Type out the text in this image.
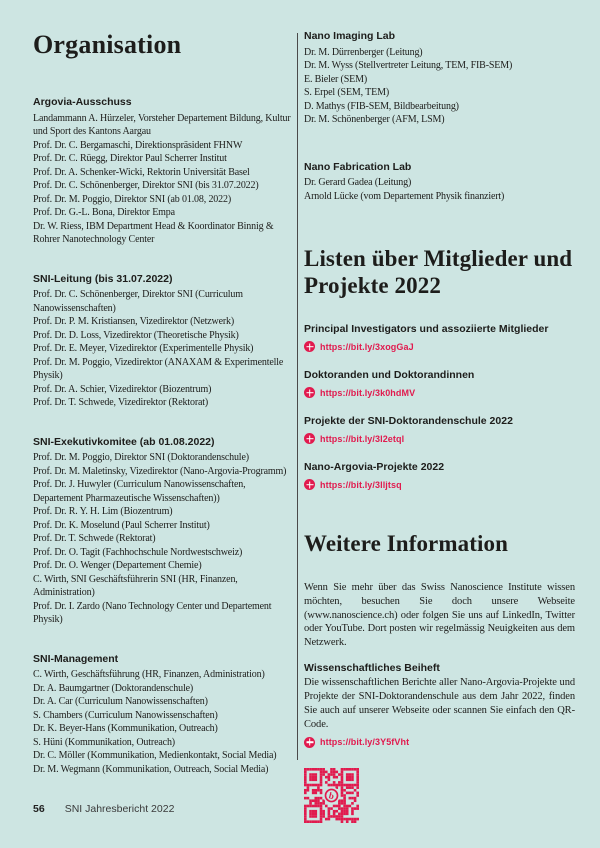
Organisation
Argovia-Ausschuss
Landammann A. Hürzeler, Vorsteher Departement Bildung, Kultur und Sport des Kantons Aargau
Prof. Dr. C. Bergamaschi, Direktionspräsident FHNW
Prof. Dr. C. Rüegg, Direktor Paul Scherrer Institut
Prof. Dr. A. Schenker-Wicki, Rektorin Universität Basel
Prof. Dr. C. Schönenberger, Direktor SNI (bis 31.07.2022)
Prof. Dr. M. Poggio, Direktor SNI (ab 01.08, 2022)
Prof. Dr. G.-L. Bona, Direktor Empa
Dr. W. Riess, IBM Department Head & Koordinator Binnig & Rohrer Nanotechnology Center
SNI-Leitung (bis 31.07.2022)
Prof. Dr. C. Schönenberger, Direktor SNI (Curriculum Nanowissenschaften)
Prof. Dr. P. M. Kristiansen, Vizedirektor (Netzwerk)
Prof. Dr. D. Loss, Vizedirektor (Theoretische Physik)
Prof. Dr. E. Meyer, Vizedirektor (Experimentelle Physik)
Prof. Dr. M. Poggio, Vizedirektor (ANAXAM & Experimentelle Physik)
Prof. Dr. A. Schier, Vizedirektor (Biozentrum)
Prof. Dr. T. Schwede, Vizedirektor (Rektorat)
SNI-Exekutivkomitee (ab 01.08.2022)
Prof. Dr. M. Poggio, Direktor SNI (Doktorandenschule)
Prof. Dr. M. Maletinsky, Vizedirektor (Nano-Argovia-Programm)
Prof. Dr. J. Huwyler (Curriculum Nanowissenschaften, Departement Pharmazeutische Wissenschaften))
Prof. Dr. R. Y. H. Lim (Biozentrum)
Prof. Dr. K. Moselund (Paul Scherrer Institut)
Prof. Dr. T. Schwede (Rektorat)
Prof. Dr. O. Tagit (Fachhochschule Nordwestschweiz)
Prof. Dr. O. Wenger (Departement Chemie)
C. Wirth, SNI Geschäftsführerin SNI (HR, Finanzen, Administration)
Prof. Dr. I. Zardo (Nano Technology Center und Departement Physik)
SNI-Management
C. Wirth, Geschäftsführung (HR, Finanzen, Administration)
Dr. A. Baumgartner (Doktorandenschule)
Dr. A. Car (Curriculum Nanowissenschaften)
S. Chambers (Curriculum Nanowissenschaften)
Dr. K. Beyer-Hans (Kommunikation, Outreach)
S. Hüni (Kommunikation, Outreach)
Dr. C. Möller (Kommunikation, Medienkontakt, Social Media)
Dr. M. Wegmann (Kommunikation, Outreach, Social Media)
Nano Imaging Lab
Dr. M. Dürrenberger (Leitung)
Dr. M. Wyss (Stellvertreter Leitung, TEM, FIB-SEM)
E. Bieler (SEM)
S. Erpel (SEM, TEM)
D. Mathys (FIB-SEM, Bildbearbeitung)
Dr. M. Schönenberger (AFM, LSM)
Nano Fabrication Lab
Dr. Gerard Gadea (Leitung)
Arnold Lücke (vom Departement Physik finanziert)
Listen über Mitglieder und Projekte 2022
Principal Investigators und assoziierte Mitglieder
https://bit.ly/3xogGaJ
Doktoranden und Doktorandinnen
https://bit.ly/3k0hdMV
Projekte der SNI-Doktorandenschule 2022
https://bit.ly/3l2etql
Nano-Argovia-Projekte 2022
https://bit.ly/3lljtsq
Weitere Information

Wenn Sie mehr über das Swiss Nanoscience Institute wissen möchten, besuchen Sie doch unsere Webseite (www.nanoscience.ch) oder folgen Sie uns auf LinkedIn, Twitter oder YouTube. Dort posten wir regelmässig Neuigkeiten aus dem Netzwerk.

Wissenschaftliches Beiheft

Die wissenschaftlichen Berichte aller Nano-Argovia-Projekte und Projekte der SNI-Doktorandenschule aus dem Jahr 2022, finden Sie auch auf unserer Webseite oder scannen Sie einfach den QR-Code.

https://bit.ly/3Y5fVht
b
56 SNI Jahresbericht 2022
